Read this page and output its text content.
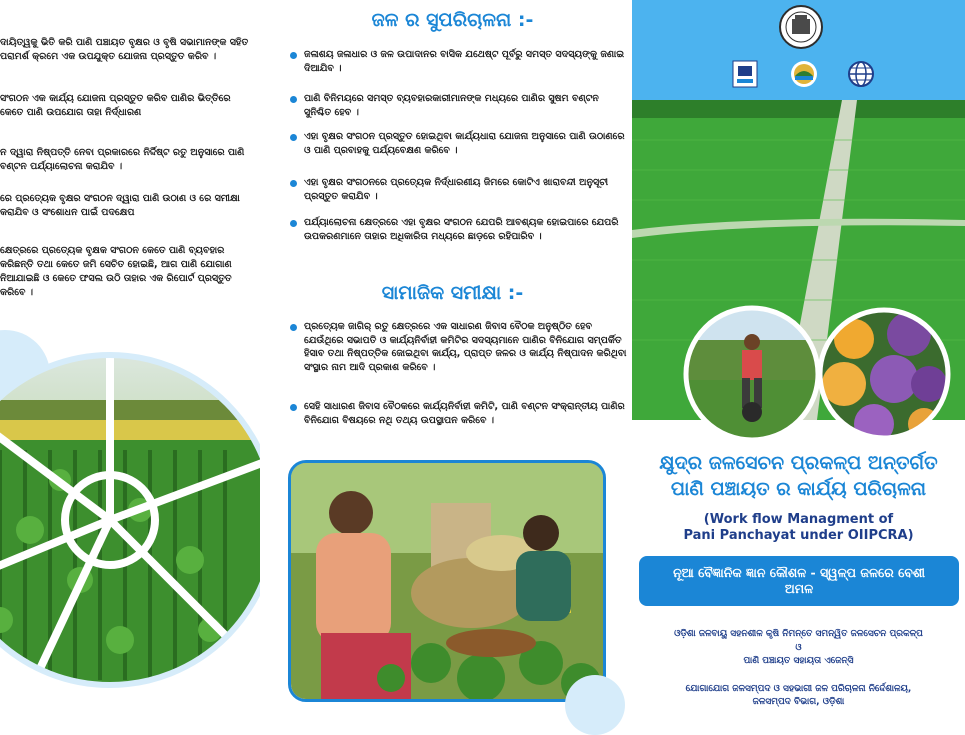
ଦାୟିତ୍ୱକୁ ଭିତି କରି ପାଣି ପଞ୍ଚାୟତ ବୃକ୍ଷର ଓ ବୃଷି ସଭାମାନଙ୍କ ସହିତ ପରାମର୍ଶ କ୍ରମେ ଏକ ଉପଯୁକ୍ତ ଯୋଜନା ପ୍ରସ୍ତୁତ କରିବ ।
ସଂଗଠନ ଏକ କାର୍ଯ୍ୟ ଯୋଜନା ପ୍ରସ୍ତୁତ କରିବ ପାଣିର ଭିତ୍ତିରେ କେତେ ପାଣି ଉପଯୋଗ ତାହା ନିର୍ଦ୍ଧାରଣ
ନ ଦ୍ୱାରା ନିଷ୍ପତ୍ତି ନେବା ପ୍ରକାରରେ ନିର୍ଦ୍ଦିଷ୍ଟ ରତୁ ଅନୁସାରେ ପାଣି ବଣ୍ଟନ ପର୍ଯ୍ୟାଲୋଚନା କରାଯିବ ।
ରେ ପ୍ରତ୍ୟେକ ବୃକ୍ଷର ସଂଗଠନ ଦ୍ୱାରା ପାଣି ଉଠାଣ ଓ ରେ ସମୀକ୍ଷା କରାଯିବ ଓ ସଂଶୋଧନ ପାଇଁ ପଦକ୍ଷେପ
କ୍ଷେତ୍ରରେ ପ୍ରତ୍ୟେକ ବୃକ୍ଷକ ସଂଗଠନ କେତେ ପାଣି ବ୍ୟବହାର କରିଛନ୍ତି ତଥା କେତେ ଜମି ସେଚିତ ହୋଇଛି, ଆଗ ପାଣି ଯୋଗାଣ ନିଆଯାଇଛି ଓ କେତେ ଫସଲ ଉଠି ତାହାର ଏକ ରିପୋର୍ଟ ପ୍ରସ୍ତୁତ କରିବେ ।
ଜଳ ର ସୁପରିଚାଳନା :-
ଜଳାଶୟ ଜଳାଧାର ଓ ଜଳ ଉପାଦାନର ବାସିକ ଯଥେଷ୍ଟ ପୂର୍ବରୁ ସମସ୍ତ ସଦସ୍ୟଙ୍କୁ ଜଣାଇ ଦିଆଯିବ ।
ପାଣି ବିନିମୟରେ ସମସ୍ତ ବ୍ୟବହାରକାରୀମାନଙ୍କ ମଧ୍ୟରେ ପାଣିର ସୁଷମ ବଣ୍ଟନ ସୁନିଶ୍ଚିତ ହେବ ।
ଏହା ବୃକ୍ଷର ସଂଗଠନ ପ୍ରସ୍ତୁତ ହୋଇଥିବା କାର୍ଯ୍ୟଧାରା ଯୋଜନା ଅନୁସାରେ ପାଣି ଉଠାଣରେ ଓ ପାଣି ପ୍ରବାହକୁ ପର୍ଯ୍ୟବେକ୍ଷଣ କରିବେ ।
ଏହା ବୃକ୍ଷର ସଂଗଠନରେ ପ୍ରତ୍ୟେକ ନିର୍ଦ୍ଧାରଣୀୟ ଜିମରେ କୋଟିଏ ଖାରାବନ୍ଦୀ ଅନୁସୂଚୀ ପ୍ରସ୍ତୁତ କରାଯିବ ।
ପର୍ଯ୍ୟାଲୋଚନା କ୍ଷେତ୍ରରେ ଏହା ବୃକ୍ଷର ସଂଗଠନ ଯେପରି ଆବଶ୍ୟକ ହୋଇପାରେ ଯେପରି ଉପକରଣମାନେ ତାହାର ଅଧିକାରିତା ମଧ୍ୟରେ ଛାଡ଼ରେ ରହିପାରିବ ।
ସାମାଜିକ ସମୀକ୍ଷା :-
ପ୍ରତ୍ୟେକ ଜାଗିର୍ ରତୁ କ୍ଷେତ୍ରରେ ଏକ ସାଧାରଣ ଜିବାସ ବୈଠକ ଅନୁଷ୍ଠିତ ହେବ ଯେଉଁଥିରେ ସଭାପତି ଓ କାର୍ଯ୍ୟନିର୍ବାହୀ କମିଟିର ସଦସ୍ୟମାନେ ପାଣିର ବିନିଯୋଗ ସମ୍ପର୍କିତ ହିସାବ ତଥା ନିଷ୍ପତ୍ତିକ ଜୋଇଥିବା କାର୍ଯ୍ୟ, ପ୍ରାପ୍ତ ଜଳର ଓ କାର୍ଯ୍ୟ ନିଷ୍ପାଦନ କରିଥିବା ସଂସ୍ଥାର ନାମ ଆଦି ପ୍ରକାଶ କରିବେ ।
ସେହି ସାଧାରଣ ଜିବାସ ବୈଠକରେ କାର୍ଯ୍ୟନିର୍ବାହୀ କମିଟି, ପାଣି ବଣ୍ଟନ ସଂକ୍ରାନ୍ତୀୟ ପାଣିର ବିନିଯୋଗ ବିଷୟରେ ନଥି ତଥ୍ୟ ଉପସ୍ଥାପନ କରିବେ ।
କ୍ଷୁଦ୍ର ଜଳସେଚନ ପ୍ରକଳ୍ପ ଅନ୍ତର୍ଗତ
ପାଣି ପଞ୍ଚାୟତ ର କାର୍ଯ୍ୟ ପରିଚାଳନା
(Work flow Managment of
Pani Panchayat under OIIPCRA)
ନୂଆ ବୈଜ୍ଞାନିକ ଜ୍ଞାନ କୌଶଳ - ସ୍ୱଳ୍ପ ଜଳରେ ବେଶୀ
ଅମଳ
ଓଡ଼ିଶା ଜଳବାୟୁ ସହନଶୀଳ କୃଷି ନିମନ୍ତେ ସମନ୍ୱିତ ଜଳସେଚନ ପ୍ରକଳ୍ପ
ଓ
ପାଣି ପଞ୍ଚାୟତ ସହାୟତା ଏଜେନ୍ସି
ଯୋଗାଯୋଗ ଜଳସମ୍ପଦ ଓ ସହଭାଗୀ ଜଳ ପରିଚାଳନା ନିର୍ଦ୍ଦେଶାଳୟ,
ଜଳସମ୍ପଦ ବିଭାଗ, ଓଡ଼ିଶା
